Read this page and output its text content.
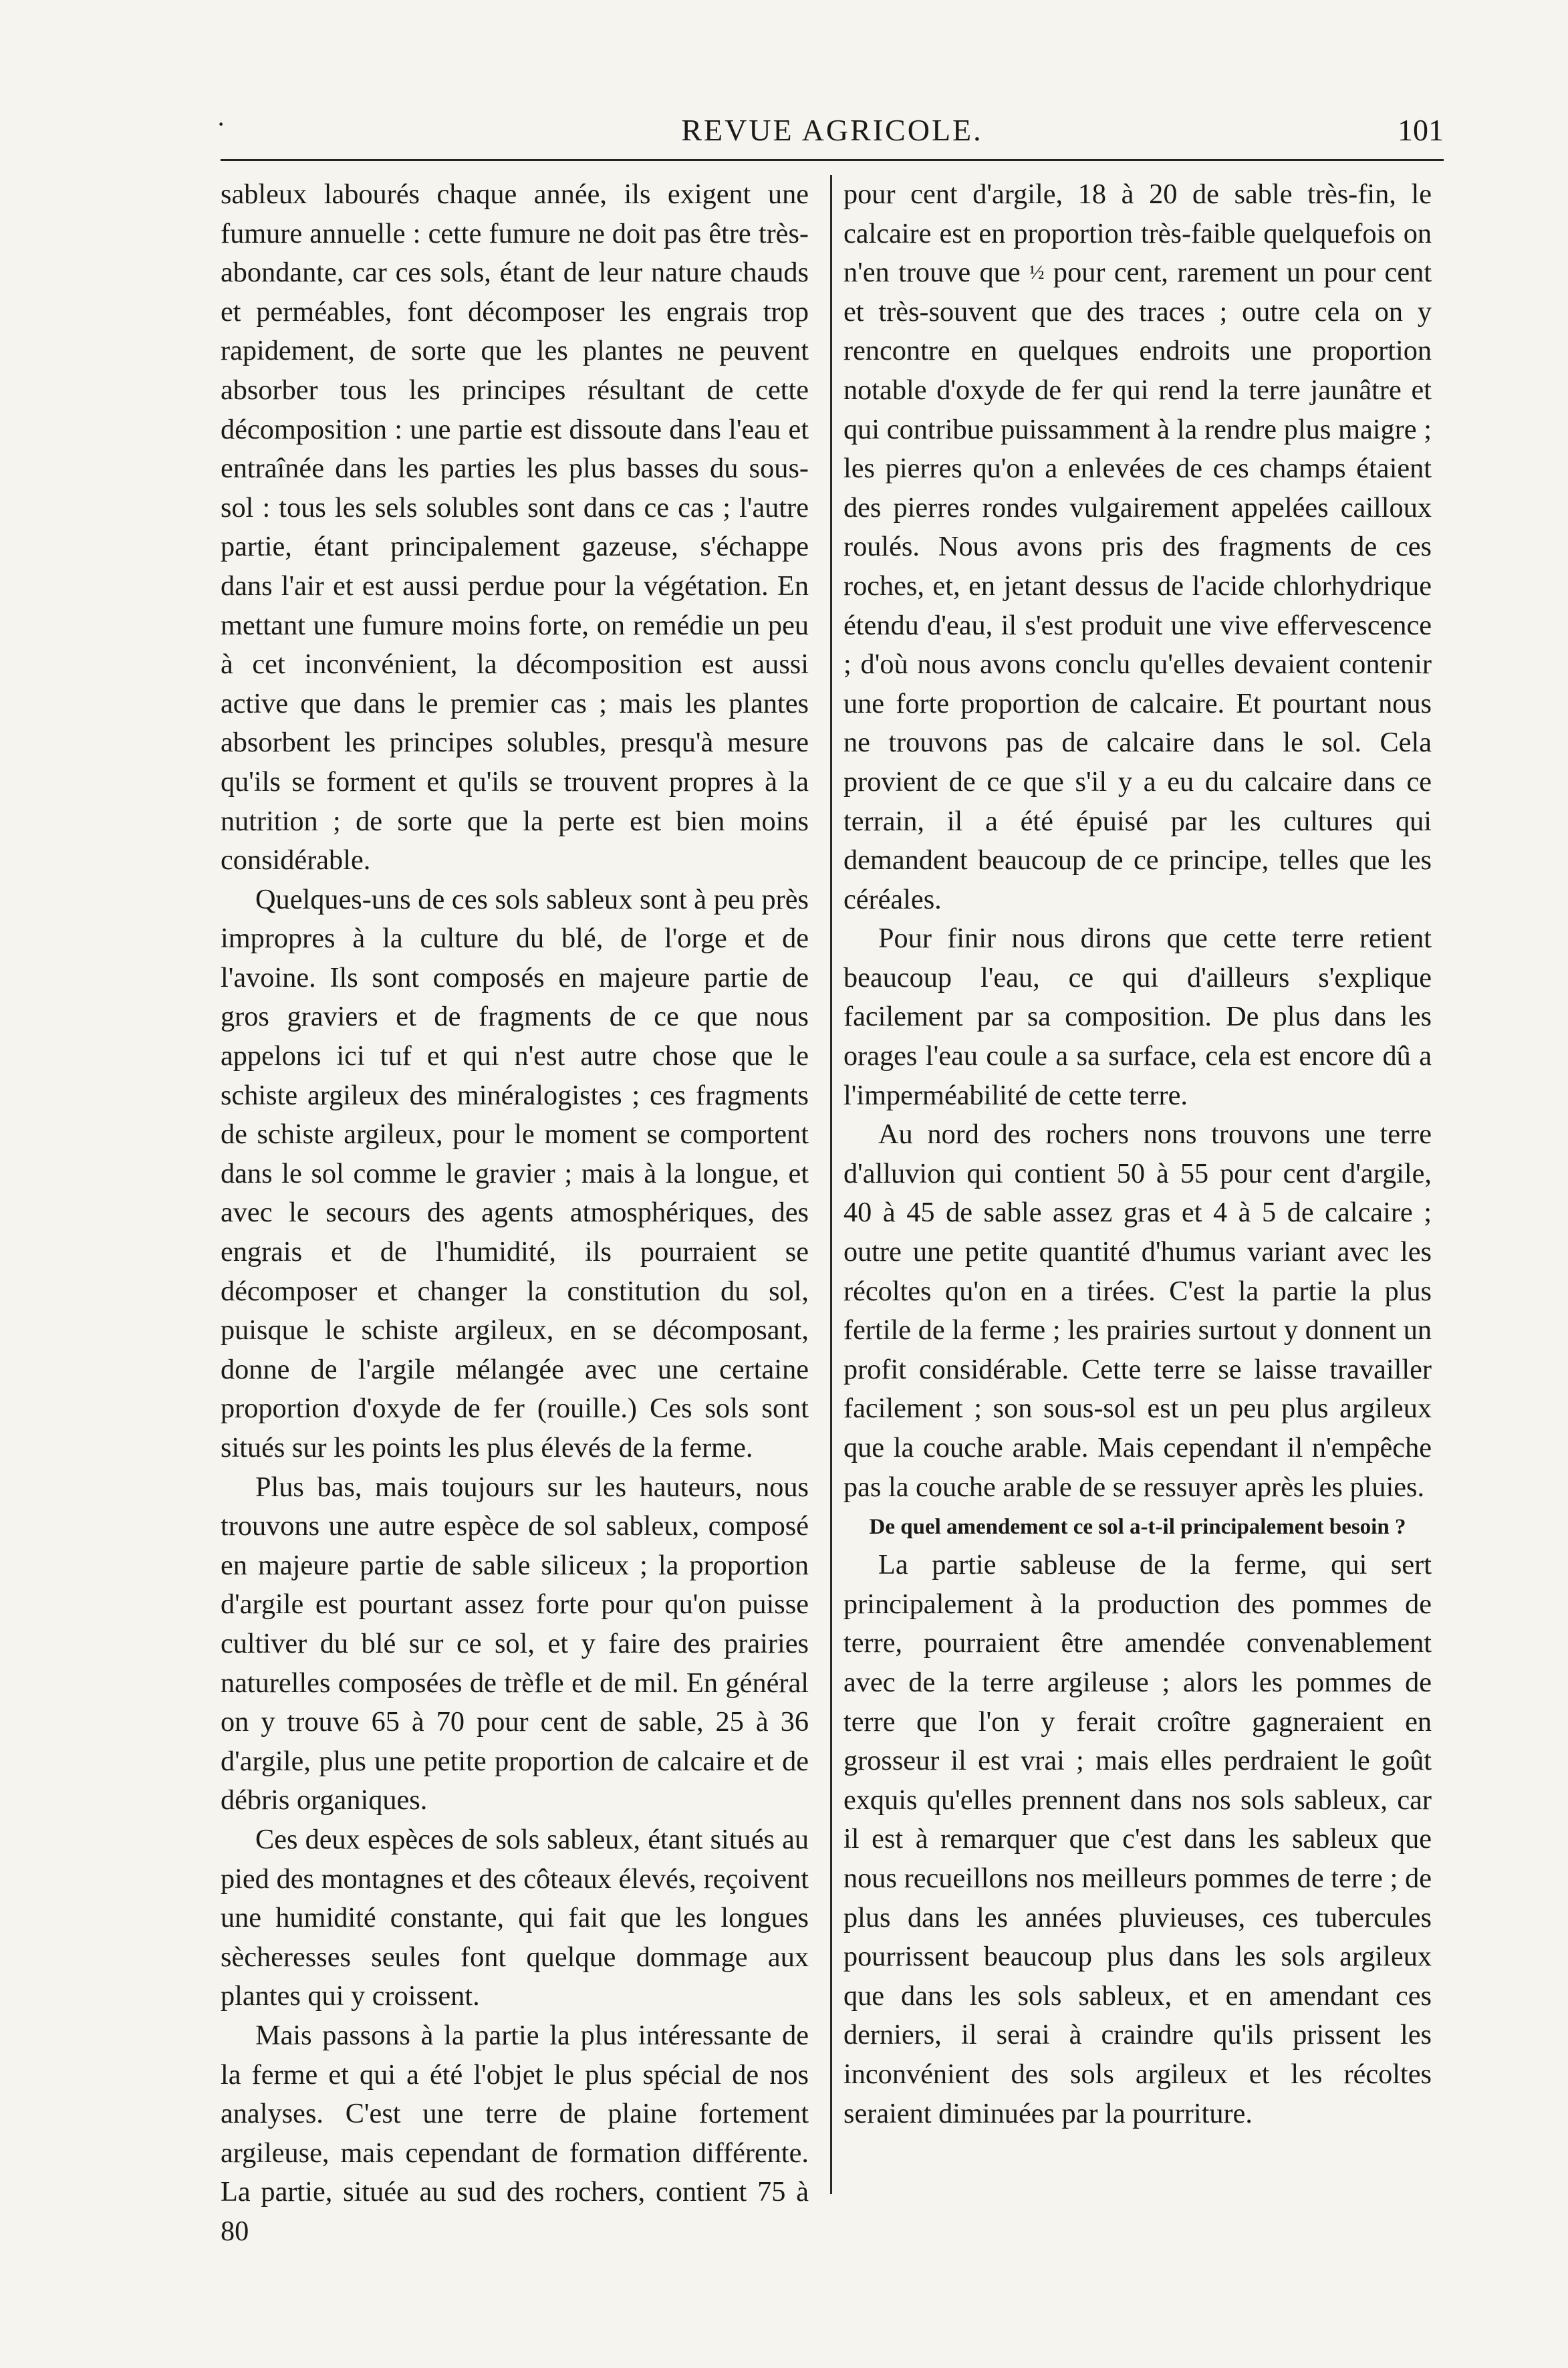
·	REVUE AGRICOLE.	101

sableux labourés chaque année, ils exigent une fumure annuelle : cette fumure ne doit pas être très-abondante, car ces sols, étant de leur nature chauds et perméables, font décomposer les engrais trop rapidement, de sorte que les plantes ne peuvent absorber tous les principes résultant de cette décomposition : une partie est dissoute dans l'eau et entraînée dans les parties les plus basses du sous-sol : tous les sels solubles sont dans ce cas ; l'autre partie, étant principalement gazeuse, s'échappe dans l'air et est aussi perdue pour la végétation. En mettant une fumure moins forte, on remédie un peu à cet inconvénient, la décomposition est aussi active que dans le premier cas ; mais les plantes absorbent les principes solubles, presqu'à mesure qu'ils se forment et qu'ils se trouvent propres à la nutrition ; de sorte que la perte est bien moins considérable.

Quelques-uns de ces sols sableux sont à peu près impropres à la culture du blé, de l'orge et de l'avoine. Ils sont composés en majeure partie de gros graviers et de fragments de ce que nous appelons ici tuf et qui n'est autre chose que le schiste argileux des minéralogistes ; ces fragments de schiste argileux, pour le moment se comportent dans le sol comme le gravier ; mais à la longue, et avec le secours des agents atmosphériques, des engrais et de l'humidité, ils pourraient se décomposer et changer la constitution du sol, puisque le schiste argileux, en se décomposant, donne de l'argile mélangée avec une certaine proportion d'oxyde de fer (rouille.) Ces sols sont situés sur les points les plus élevés de la ferme.

Plus bas, mais toujours sur les hauteurs, nous trouvons une autre espèce de sol sableux, composé en majeure partie de sable siliceux ; la proportion d'argile est pourtant assez forte pour qu'on puisse cultiver du blé sur ce sol, et y faire des prairies naturelles composées de trèfle et de mil. En général on y trouve 65 à 70 pour cent de sable, 25 à 36 d'argile, plus une petite proportion de calcaire et de débris organiques.

Ces deux espèces de sols sableux, étant situés au pied des montagnes et des côteaux élevés, reçoivent une humidité constante, qui fait que les longues sècheresses seules font quelque dommage aux plantes qui y croissent.

Mais passons à la partie la plus intéressante de la ferme et qui a été l'objet le plus spécial de nos analyses. C'est une terre de plaine fortement argileuse, mais cependant de formation différente. La partie, située au sud des rochers, contient 75 à 80

pour cent d'argile, 18 à 20 de sable très-fin, le calcaire est en proportion très-faible quelquefois on n'en trouve que ½ pour cent, rarement un pour cent et très-souvent que des traces ; outre cela on y rencontre en quelques endroits une proportion notable d'oxyde de fer qui rend la terre jaunâtre et qui contribue puissamment à la rendre plus maigre ; les pierres qu'on a enlevées de ces champs étaient des pierres rondes vulgairement appelées cailloux roulés. Nous avons pris des fragments de ces roches, et, en jetant dessus de l'acide chlorhydrique étendu d'eau, il s'est produit une vive effervescence ; d'où nous avons conclu qu'elles devaient contenir une forte proportion de calcaire. Et pourtant nous ne trouvons pas de calcaire dans le sol. Cela provient de ce que s'il y a eu du calcaire dans ce terrain, il a été épuisé par les cultures qui demandent beaucoup de ce principe, telles que les céréales.

Pour finir nous dirons que cette terre retient beaucoup l'eau, ce qui d'ailleurs s'explique facilement par sa composition. De plus dans les orages l'eau coule a sa surface, cela est encore dû a l'imperméabilité de cette terre.

Au nord des rochers nons trouvons une terre d'alluvion qui contient 50 à 55 pour cent d'argile, 40 à 45 de sable assez gras et 4 à 5 de calcaire ; outre une petite quantité d'humus variant avec les récoltes qu'on en a tirées. C'est la partie la plus fertile de la ferme ; les prairies surtout y donnent un profit considérable. Cette terre se laisse travailler facilement ; son sous-sol est un peu plus argileux que la couche arable. Mais cependant il n'empêche pas la couche arable de se ressuyer après les pluies.

De quel amendement ce sol a-t-il principalement besoin ?

La partie sableuse de la ferme, qui sert principalement à la production des pommes de terre, pourraient être amendée convenablement avec de la terre argileuse ; alors les pommes de terre que l'on y ferait croître gagneraient en grosseur il est vrai ; mais elles perdraient le goût exquis qu'elles prennent dans nos sols sableux, car il est à remarquer que c'est dans les sableux que nous recueillons nos meilleurs pommes de terre ; de plus dans les années pluvieuses, ces tubercules pourrissent beaucoup plus dans les sols argileux que dans les sols sableux, et en amendant ces derniers, il serai à craindre qu'ils prissent les inconvénient des sols argileux et les récoltes seraient diminuées par la pourriture.
